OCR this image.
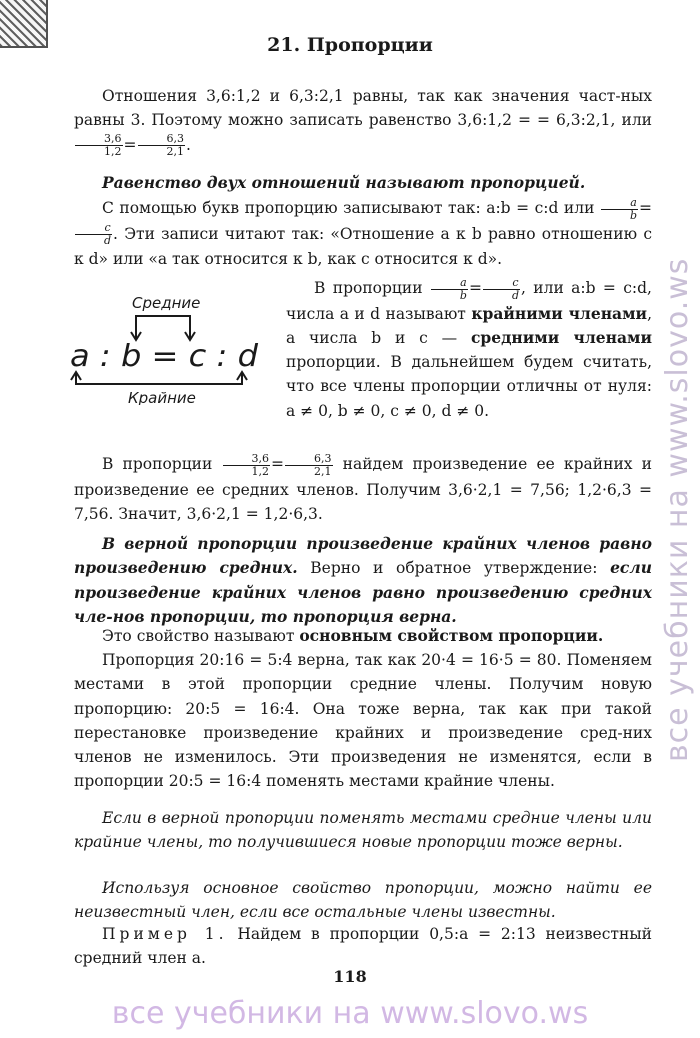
21. Пропорции

Отношения 3,6:1,2 и 6,3:2,1 равны, так как значения част-ных равны 3. Поэтому можно записать равенство 3,6:1,2 = = 6,3:2,1, или
$\frac{3,6}{1,2} = \frac{6,3}{2,1}$ .

Равенство двух отношений называют пропорцией.

С помощью букв пропорцию записывают так: a:b = c:d или $\frac{a}{b}$ =
$\frac{c}{d}$ . Эти записи читают так: «Отношение a к b равно отношению c к d» или «a так относится к b, как c относится к d».

Средние
a : b = c : d
Крайние

В пропорции $\frac{a}{b} = \frac{c}{d}$ , или a:b = c:d, числа a и d называют крайними членами, а числа b и c — средними членами пропорции. В дальнейшем будем считать, что все члены пропорции отличны от нуля: a ≠ 0, b ≠ 0, c ≠ 0, d ≠ 0.

В пропорции $\frac{3,6}{1,2} = \frac{6,3}{2,1}$ найдем произведение ее крайних и произведение ее средних членов. Получим 3,6·2,1 = 7,56; 1,2·6,3 = 7,56. Значит, 3,6·2,1 = 1,2·6,3.

В верной пропорции произведение крайних членов равно произведению средних. Верно и обратное утверждение: если произведение крайних членов равно произведению средних чле-нов пропорции, то пропорция верна.

Это свойство называют основным свойством пропорции.

Пропорция 20:16 = 5:4 верна, так как 20·4 = 16·5 = 80. Поменяем местами в этой пропорции средние члены. Получим новую пропорцию: 20:5 = 16:4. Она тоже верна, так как при такой перестановке произведение крайних и произведение сред-них членов не изменилось. Эти произведения не изменятся, если в пропорции 20:5 = 16:4 поменять местами крайние члены.

Если в верной пропорции поменять местами средние члены или крайние члены, то получившиеся новые пропорции тоже верны.

Используя основное свойство пропорции, можно найти ее неизвестный член, если все остальные члены известны.

Пример 1. Найдем в пропорции 0,5:a = 2:13 неизвестный средний член a.

118
все учебники на www.slovo.ws
все учебники на www.slovo.ws
